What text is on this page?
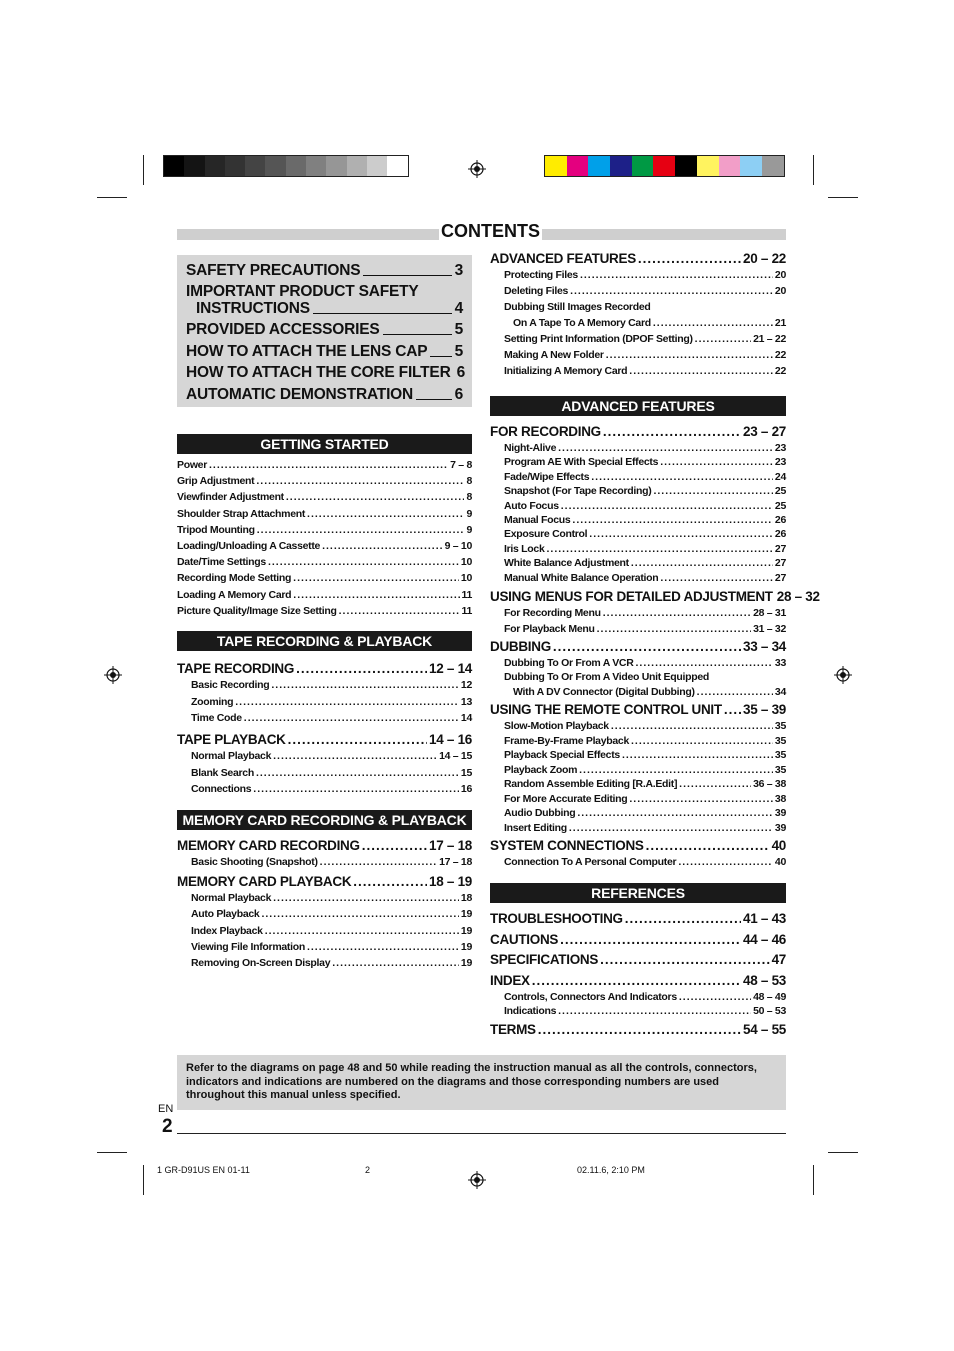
CONTENTS
SAFETY PRECAUTIONS	3
IMPORTANT PRODUCT SAFETY
INSTRUCTIONS	4
PROVIDED ACCESSORIES	5
HOW TO ATTACH THE LENS CAP 5
HOW TO ATTACH THE CORE FILTER 6
AUTOMATIC DEMONSTRATION	6
GETTING STARTED
TAPE RECORDING & PLAYBACK
MEMORY CARD RECORDING & PLAYBACK
ADVANCED FEATURES
REFERENCES
Power .....	7 – 8
Grip Adjustment .....	8
Viewfinder Adjustment .....	8
Shoulder Strap Attachment .....	9
Tripod Mounting .....	9
Loading/Unloading A Cassette .....	9 – 10
Date/Time Settings .....	10
Recording Mode Setting .....	10
Loading A Memory Card .....	11
Picture Quality/Image Size Setting .....	11
TAPE RECORDING .....	12 – 14
Basic Recording .....	12
Zooming .....	13
Time Code .....	14
TAPE PLAYBACK .....	14 – 16
Normal Playback .....	14 – 15
Blank Search .....	15
Connections .....	16
MEMORY CARD RECORDING .....	17 – 18
Basic Shooting (Snapshot) .....	17 – 18
MEMORY CARD PLAYBACK .....	18 – 19
Normal Playback .....	18
Auto Playback .....	19
Index Playback .....	19
Viewing File Information .....	19
Removing On-Screen Display .....	19
ADVANCED FEATURES .....	20 – 22
Protecting Files .....	20
Deleting Files .....	20
Dubbing Still Images Recorded
On A Tape To A Memory Card .....	21
Setting Print Information (DPOF Setting) .....	21 – 22
Making A New Folder .....	22
Initializing A Memory Card .....	22
FOR RECORDING .....	23 – 27
Night-Alive .....	23
Program AE With Special Effects .....	23
Fade/Wipe Effects .....	24
Snapshot (For Tape Recording) .....	25
Auto Focus .....	25
Manual Focus .....	26
Exposure Control .....	26
Iris Lock .....	27
White Balance Adjustment .....	27
Manual White Balance Operation .....	27
USING MENUS FOR DETAILED ADJUSTMENT 28 – 32
For Recording Menu .....	28 – 31
For Playback Menu .....	31 – 32
DUBBING .....	33 – 34
Dubbing To Or From A VCR .....	33
Dubbing To Or From A Video Unit Equipped
With A DV Connector (Digital Dubbing) .....	34
USING THE REMOTE CONTROL UNIT ..... 35 – 39
Slow-Motion Playback .....	35
Frame-By-Frame Playback .....	35
Playback Special Effects .....	35
Playback Zoom .....	35
Random Assemble Editing [R.A.Edit] .....	36 – 38
For More Accurate Editing .....	38
Audio Dubbing .....	39
Insert Editing .....	39
SYSTEM CONNECTIONS .....	40
Connection To A Personal Computer .....	40
TROUBLESHOOTING .....	41 – 43
CAUTIONS .....	44 – 46
SPECIFICATIONS .....	47
INDEX .....	48 – 53
Controls, Connectors And Indicators .....	48 – 49
Indications .....	50 – 53
TERMS .....	54 – 55

Refer to the diagrams on page 48 and 50 while reading the instruction manual as all the controls, connectors, indicators and indications are numbered on the diagrams and those corresponding numbers are used throughout this manual unless specified.

EN
2
1 GR-D91US EN 01-11	2	02.11.6, 2:10 PM
